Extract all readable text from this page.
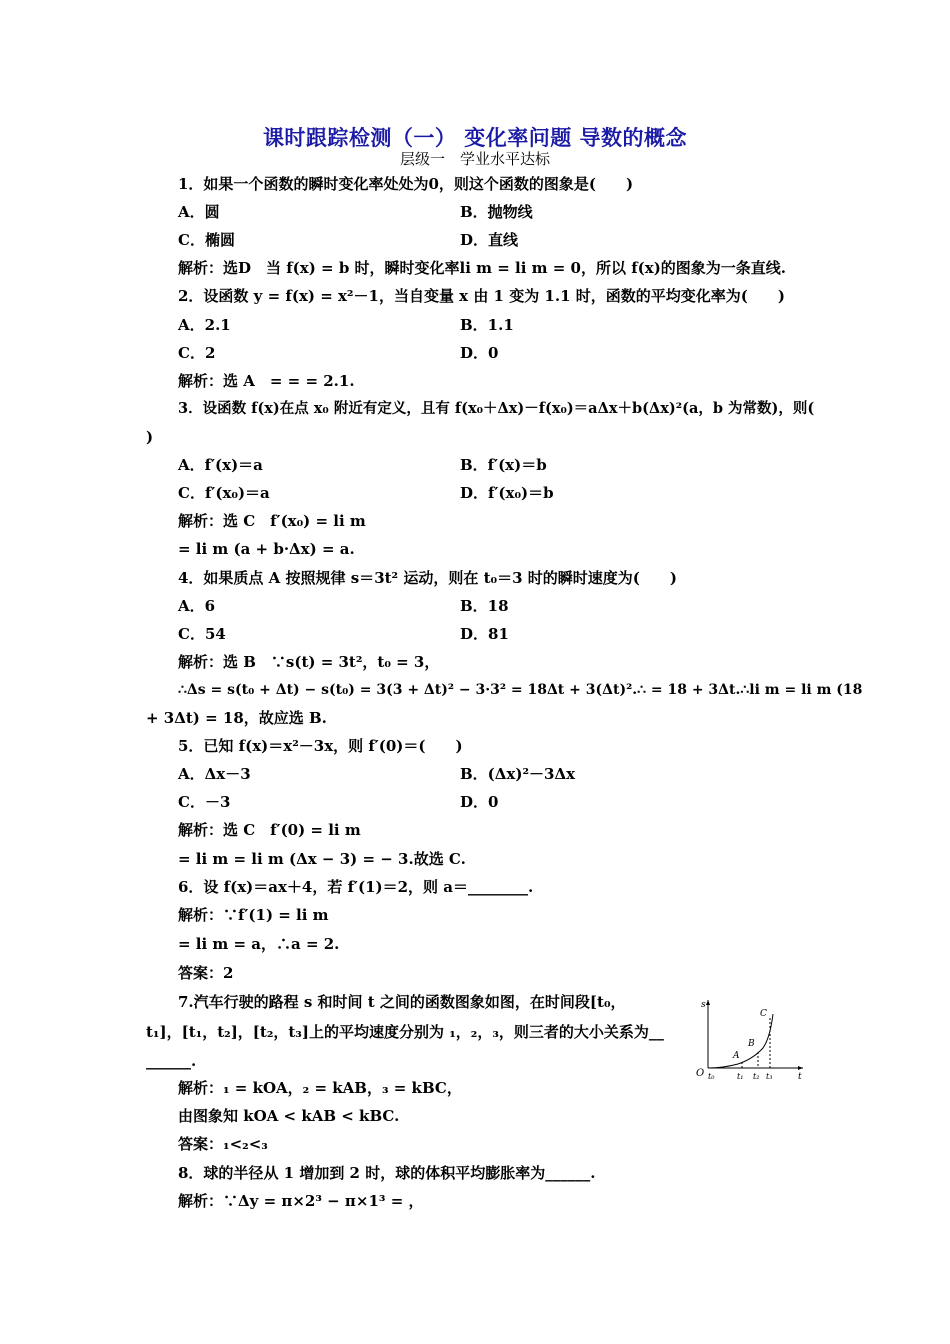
课时跟踪检测（一） 变化率问题 导数的概念
层级一　学业水平达标
1．如果一个函数的瞬时变化率处处为0，则这个函数的图象是(　　)
A．圆	B．抛物线
C．椭圆	D．直线
解析：选D　当 f(x) = b 时，瞬时变化率li m = li m = 0，所以 f(x)的图象为一条直线.
2．设函数 y = f(x) = x²－1，当自变量 x 由 1 变为 1.1 时，函数的平均变化率为(　　)
A．2.1	B．1.1
C．2	D．0
解析：选 A　= = = 2.1.
3．设函数 f(x)在点 x₀ 附近有定义，且有 f(x₀＋Δx)－f(x₀)＝aΔx＋b(Δx)²(a，b 为常数)，则(
)
A．f′(x)＝a	B．f′(x)＝b
C．f′(x₀)＝a	D．f′(x₀)＝b
解析：选 C　f′(x₀) = li m
= li m (a + b·Δx) = a.
4．如果质点 A 按照规律 s＝3t² 运动，则在 t₀＝3 时的瞬时速度为(　　)
A．6	B．18
C．54	D．81
解析：选 B　∵s(t) = 3t²，t₀ = 3，
∴Δs = s(t₀ + Δt) − s(t₀) = 3(3 + Δt)² − 3·3² = 18Δt + 3(Δt)².∴ = 18 + 3Δt.∴li m = li m (18
+ 3Δt) = 18，故应选 B.
5．已知 f(x)＝x²－3x，则 f′(0)＝(　　)
A．Δx－3	B．(Δx)²－3Δx
C．－3	D．0
解析：选 C　f′(0) = li m
= li m = li m (Δx − 3) = − 3.故选 C.
6．设 f(x)＝ax＋4，若 f′(1)＝2，则 a＝________.
解析：∵f′(1) = li m
= li m = a，∴a = 2.
答案：2
7.汽车行驶的路程 s 和时间 t 之间的函数图象如图，在时间段[t₀，
t₁]，[t₁，t₂]，[t₂，t₃]上的平均速度分别为 ₁，₂，₃，则三者的大小关系为__
______.
解析：₁ = kOA，₂ = kAB，₃ = kBC，
由图象知 kOA < kAB < kBC.
答案：₁<₂<₃
s
t
O t₀	t₁ t₂ t₃
A
B
C
8．球的半径从 1 增加到 2 时，球的体积平均膨胀率为______.
解析：∵Δy = π×2³ − π×1³ = ，
